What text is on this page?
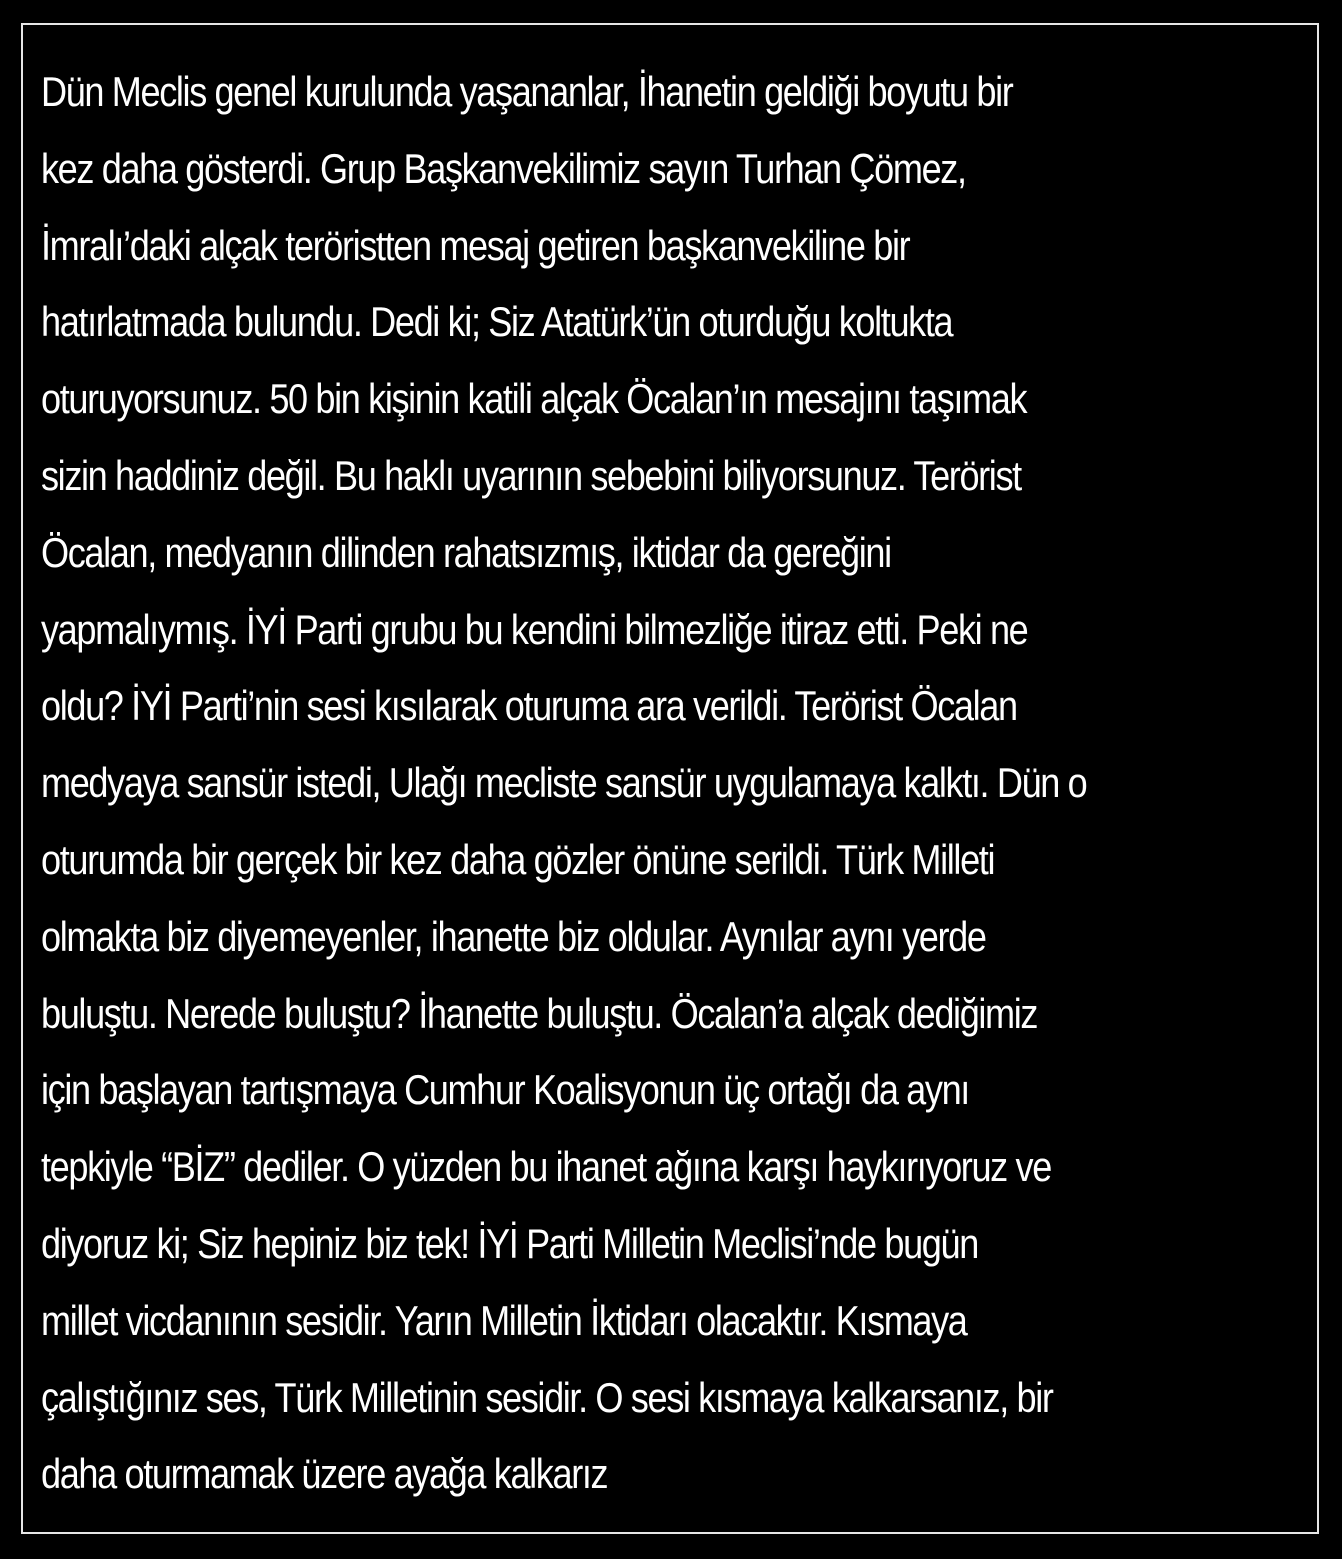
Dün Meclis genel kurulunda yaşananlar, İhanetin geldiği boyutu bir
kez daha gösterdi. Grup Başkanvekilimiz sayın Turhan Çömez,
İmralı’daki alçak teröristten mesaj getiren başkanvekiline bir
hatırlatmada bulundu. Dedi ki; Siz Atatürk’ün oturduğu koltukta
oturuyorsunuz. 50 bin kişinin katili alçak Öcalan’ın mesajını taşımak
sizin haddiniz değil. Bu haklı uyarının sebebini biliyorsunuz. Terörist
Öcalan, medyanın dilinden rahatsızmış, iktidar da gereğini
yapmalıymış. İYİ Parti grubu bu kendini bilmezliğe itiraz etti. Peki ne
oldu? İYİ Parti’nin sesi kısılarak oturuma ara verildi. Terörist Öcalan
medyaya sansür istedi, Ulağı mecliste sansür uygulamaya kalktı. Dün o
oturumda bir gerçek bir kez daha gözler önüne serildi. Türk Milleti
olmakta biz diyemeyenler, ihanette biz oldular. Aynılar aynı yerde
buluştu. Nerede buluştu? İhanette buluştu. Öcalan’a alçak dediğimiz
için başlayan tartışmaya Cumhur Koalisyonun üç ortağı da aynı
tepkiyle “BİZ” dediler. O yüzden bu ihanet ağına karşı haykırıyoruz ve
diyoruz ki; Siz hepiniz biz tek! İYİ Parti Milletin Meclisi’nde bugün
millet vicdanının sesidir. Yarın Milletin İktidarı olacaktır. Kısmaya
çalıştığınız ses, Türk Milletinin sesidir. O sesi kısmaya kalkarsanız, bir
daha oturmamak üzere ayağa kalkarız
